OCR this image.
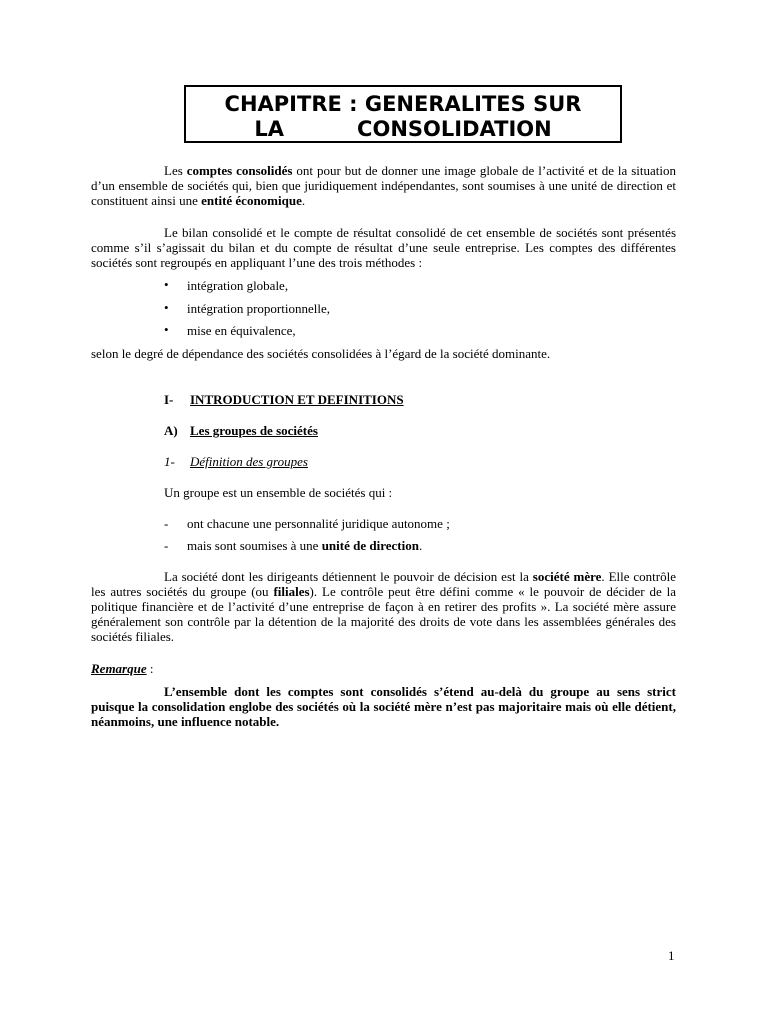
CHAPITRE : GENERALITES SUR
LA          CONSOLIDATION

Les comptes consolidés ont pour but de donner une image globale de l’activité et de la situation d’un ensemble de sociétés qui, bien que juridiquement indépendantes, sont soumises à une unité de direction et constituent ainsi une entité économique.

Le bilan consolidé et le compte de résultat consolidé de cet ensemble de sociétés sont présentés comme s’il s’agissait du bilan et du compte de résultat d’une seule entreprise. Les comptes des différentes sociétés sont regroupés en appliquant l’une des trois méthodes :

• intégration globale,
• intégration proportionnelle,
• mise en équivalence,

selon le degré de dépendance des sociétés consolidées à l’égard de la société dominante.

I- INTRODUCTION ET DEFINITIONS
A) Les groupes de sociétés
1- Définition des groupes

Un groupe est un ensemble de sociétés qui :

- ont chacune une personnalité juridique autonome ;
- mais sont soumises à une unité de direction.

La société dont les dirigeants détiennent le pouvoir de décision est la société mère. Elle contrôle les autres sociétés du groupe (ou filiales). Le contrôle peut être défini comme « le pouvoir de décider de la politique financière et de l’activité d’une entreprise de façon à en retirer des profits ». La société mère assure généralement son contrôle par la détention de la majorité des droits de vote dans les assemblées générales des sociétés filiales.

Remarque :

L’ensemble dont les comptes sont consolidés s’étend au-delà du groupe au sens strict puisque la consolidation englobe des sociétés où la société mère n’est pas majoritaire mais où elle détient, néanmoins, une influence notable.

1
